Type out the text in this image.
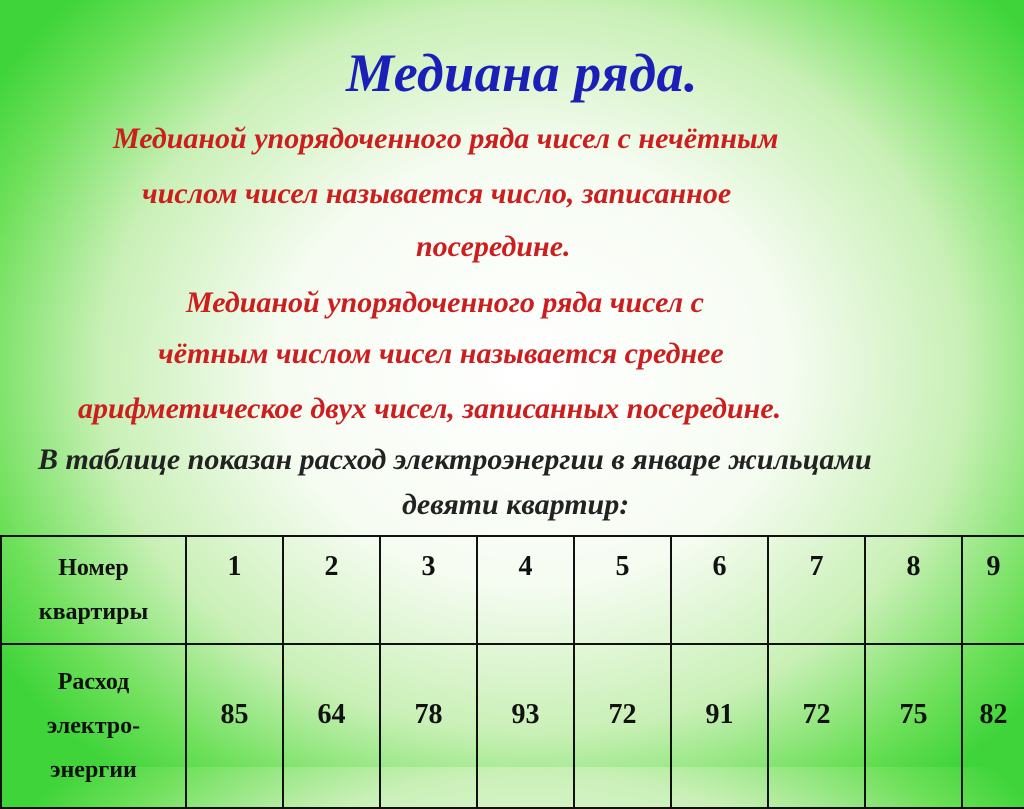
Медиана ряда.

Медианой упорядоченного ряда чисел с нечётным

числом чисел называется число, записанное

посередине.

Медианой упорядоченного ряда чисел с

чётным числом чисел называется среднее

арифметическое двух чисел, записанных посередине.

В таблице показан расход электроэнергии в январе жильцами

девяти квартир:

Номер
квартиры	1	2	3	4	5	6	7	8	9
Расход
электро-
энергии	85	64	78	93	72	91	72	75	82
